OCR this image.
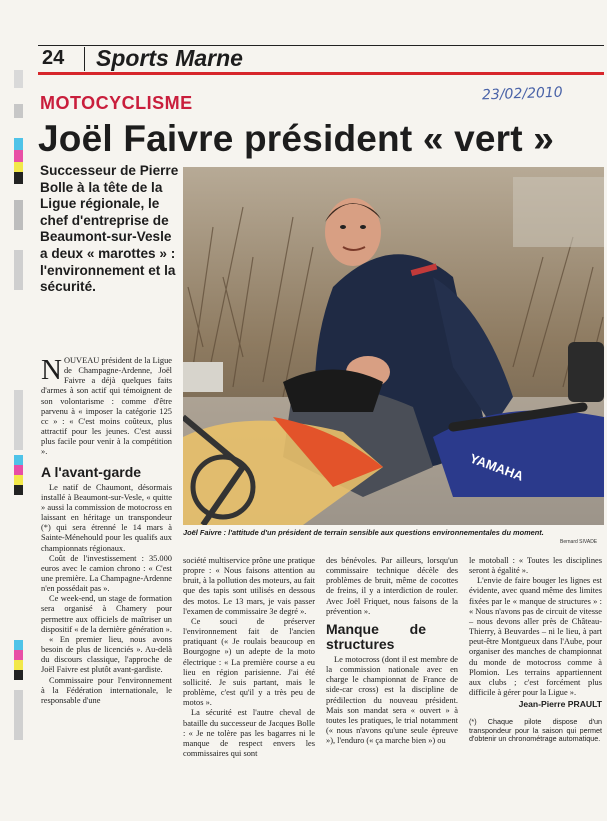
24 Sports Marne
MOTOCYCLISME	23/02/2010
Joël Faivre président « vert »
Successeur de Pierre Bolle à la tête de la Ligue régionale, le chef d'entreprise de Beaumont-sur-Vesle a deux « marottes » : l'environnement et la sécurité.
YAMAHA
Joël Faivre : l'attitude d'un président de terrain sensible aux questions environnementales du moment.
Bernard SIVADE

NOUVEAU président de la Ligue de Champagne-Ardenne, Joël Faivre a déjà quelques faits d'armes à son actif qui témoignent de son volontarisme : comme d'être parvenu à « imposer la catégorie 125 cc » : « C'est moins coûteux, plus attractif pour les jeunes. C'est aussi plus facile pour venir à la compétition ».

A l'avant-garde

Le natif de Chaumont, désormais installé à Beaumont-sur-Vesle, « quitte » aussi la commission de motocross en laissant en héritage un transpondeur (*) qui sera étrenné le 14 mars à Sainte-Ménehould pour les qualifs aux championnats régionaux.

Coût de l'investissement : 35.000 euros avec le camion chrono : « C'est une première. La Champagne-Ardenne n'en possédait pas ».

Ce week-end, un stage de formation sera organisé à Chamery pour permettre aux officiels de maîtriser un dispositif « de la dernière génération ».

« En premier lieu, nous avons besoin de plus de licenciés ». Au-delà du discours classique, l'approche de Joël Faivre est plutôt avant-gardiste.

Commissaire pour l'environnement à la Fédération internationale, le responsable d'une

société multiservice prône une pratique propre : « Nous faisons attention au bruit, à la pollution des moteurs, au fait que des tapis sont utilisés en dessous des motos. Le 13 mars, je vais passer l'examen de commissaire 3e degré ».

Ce souci de préserver l'environnement fait de l'ancien pratiquant (« Je roulais beaucoup en Bourgogne ») un adepte de la moto électrique : « La première course a eu lieu en région parisienne. J'ai été sollicité. Je suis partant, mais le problème, c'est qu'il y a très peu de motos ».

La sécurité est l'autre cheval de bataille du successeur de Jacques Bolle : « Je ne tolère pas les bagarres ni le manque de respect envers les commissaires qui sont

des bénévoles. Par ailleurs, lorsqu'un commissaire technique décèle des problèmes de bruit, même de cocottes de freins, il y a interdiction de rouler. Avec Joël Friquet, nous faisons de la prévention ».

Manque de structures

Le motocross (dont il est membre de la commission nationale avec en charge le championnat de France de side-car cross) est la discipline de prédilection du nouveau président. Mais son mandat sera « ouvert » à toutes les pratiques, le trial notamment (« nous n'avons qu'une seule épreuve »), l'enduro (« ça marche bien ») ou

le motoball : « Toutes les disciplines seront à égalité ».

L'envie de faire bouger les lignes est évidente, avec quand même des limites fixées par le « manque de structures » : « Nous n'avons pas de circuit de vitesse – nous devons aller près de Château-Thierry, à Beuvardes – ni le lieu, à part peut-être Montgueux dans l'Aube, pour organiser des manches de championnat du monde de motocross comme à Plomion. Les terrains appartiennent aux clubs ; c'est forcément plus difficile à gérer pour la Ligue ».

Jean-Pierre PRAULT
(*) Chaque pilote dispose d'un transpondeur pour la saison qui permet d'obtenir un chronométrage automatique.
